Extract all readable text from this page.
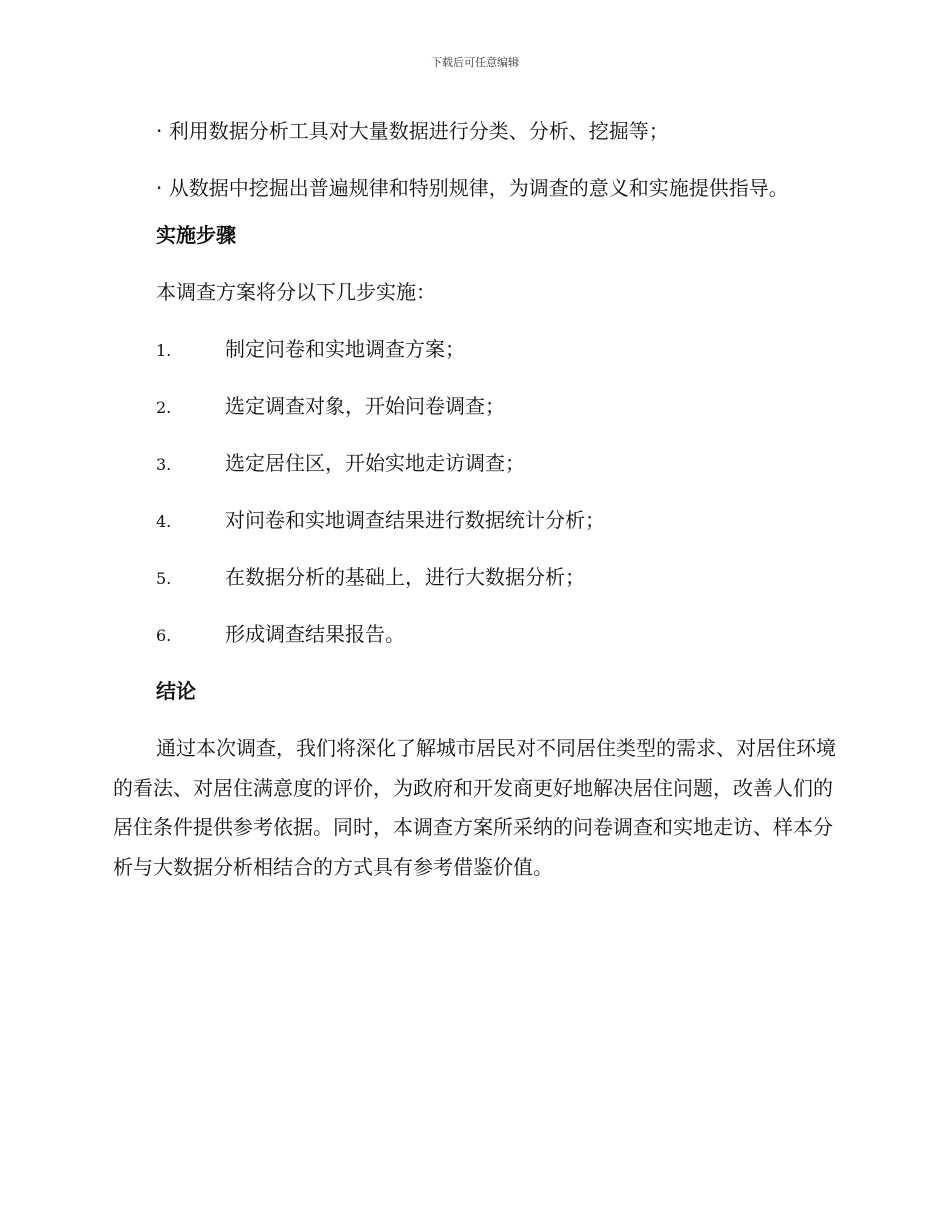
下载后可任意编辑

· 利用数据分析工具对大量数据进行分类、分析、挖掘等；

· 从数据中挖掘出普遍规律和特别规律，为调查的意义和实施提供指导。

实施步骤

本调查方案将分以下几步实施：

1.	制定问卷和实地调查方案；
2.	选定调查对象，开始问卷调查；
3.	选定居住区，开始实地走访调查；
4.	对问卷和实地调查结果进行数据统计分析；
5.	在数据分析的基础上，进行大数据分析；
6.	形成调查结果报告。
结论

通过本次调查，我们将深化了解城市居民对不同居住类型的需求、对居住环境的看法、对居住满意度的评价，为政府和开发商更好地解决居住问题，改善人们的居住条件提供参考依据。同时，本调查方案所采纳的问卷调查和实地走访、样本分析与大数据分析相结合的方式具有参考借鉴价值。
